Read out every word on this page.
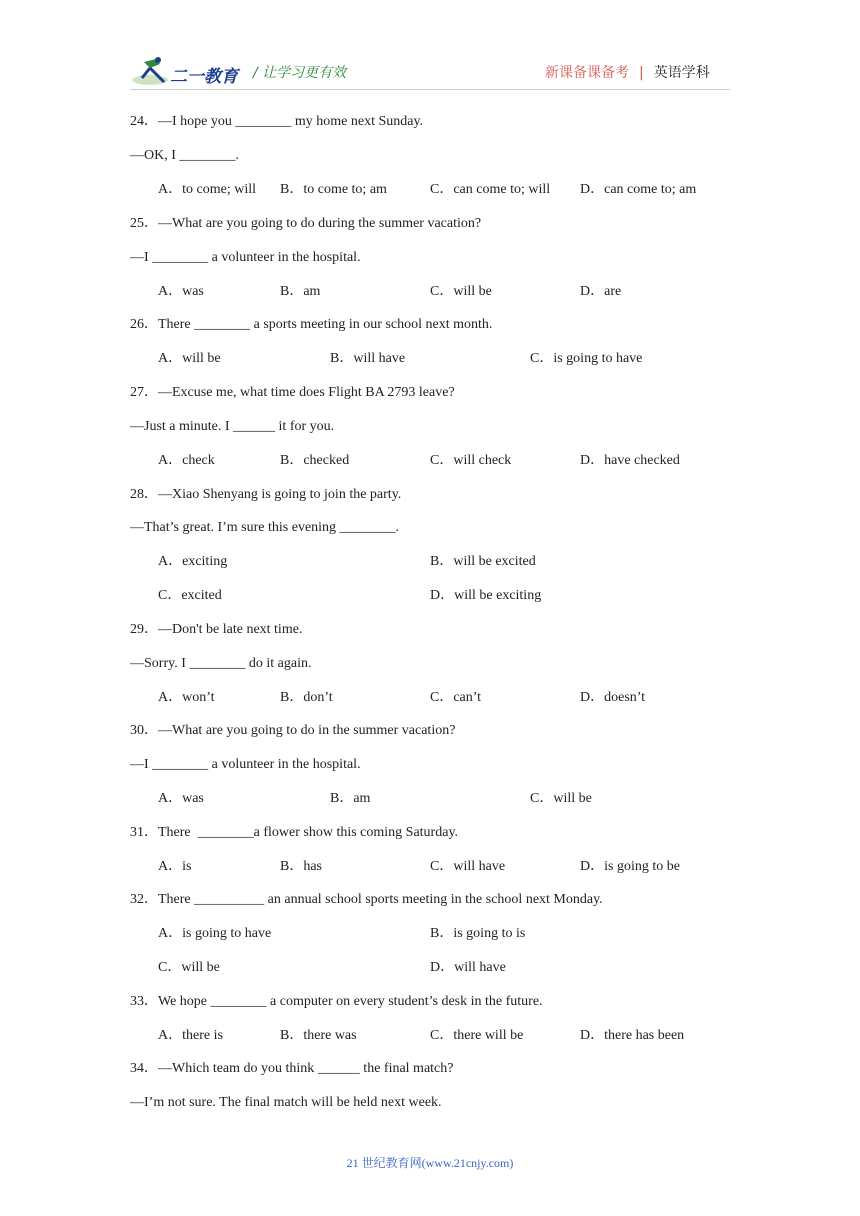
二一教育 / 让学习更有效	新课备课备考 | 英语学科
24．—I hope you ________ my home next Sunday.
—OK, I ________.
A．to come; will B．to come to; am	C．can come to; will D．can come to; am
25．—What are you going to do during the summer vacation?
—I ________ a volunteer in the hospital.
A．was	B．am	C．will be	D．are
26．There ________ a sports meeting in our school next month.
A．will be	B．will have	C．is going to have
27．—Excuse me, what time does Flight BA 2793 leave?
—Just a minute. I ______ it for you.
A．check	B．checked	C．will check	D．have checked
28．—Xiao Shenyang is going to join the party.
—That’s great. I’m sure this evening ________.
A．exciting	B．will be excited
C．excited	D．will be exciting
29．—Don't be late next time.
—Sorry. I ________ do it again.
A．won’t	B．don’t	C．can’t	D．doesn’t
30．—What are you going to do in the summer vacation?
—I ________ a volunteer in the hospital.
A．was	B．am	C．will be
31．There  ________a flower show this coming Saturday.
A．is	B．has	C．will have	D．is going to be
32．There __________ an annual school sports meeting in the school next Monday.
A．is going to have	B．is going to is
C．will be	D．will have
33．We hope ________ a computer on every student’s desk in the future.
A．there is	B．there was	C．there will be	D．there has been
34．—Which team do you think ______ the final match?
—I’m not sure. The final match will be held next week.
21 世纪教育网(www.21cnjy.com)
